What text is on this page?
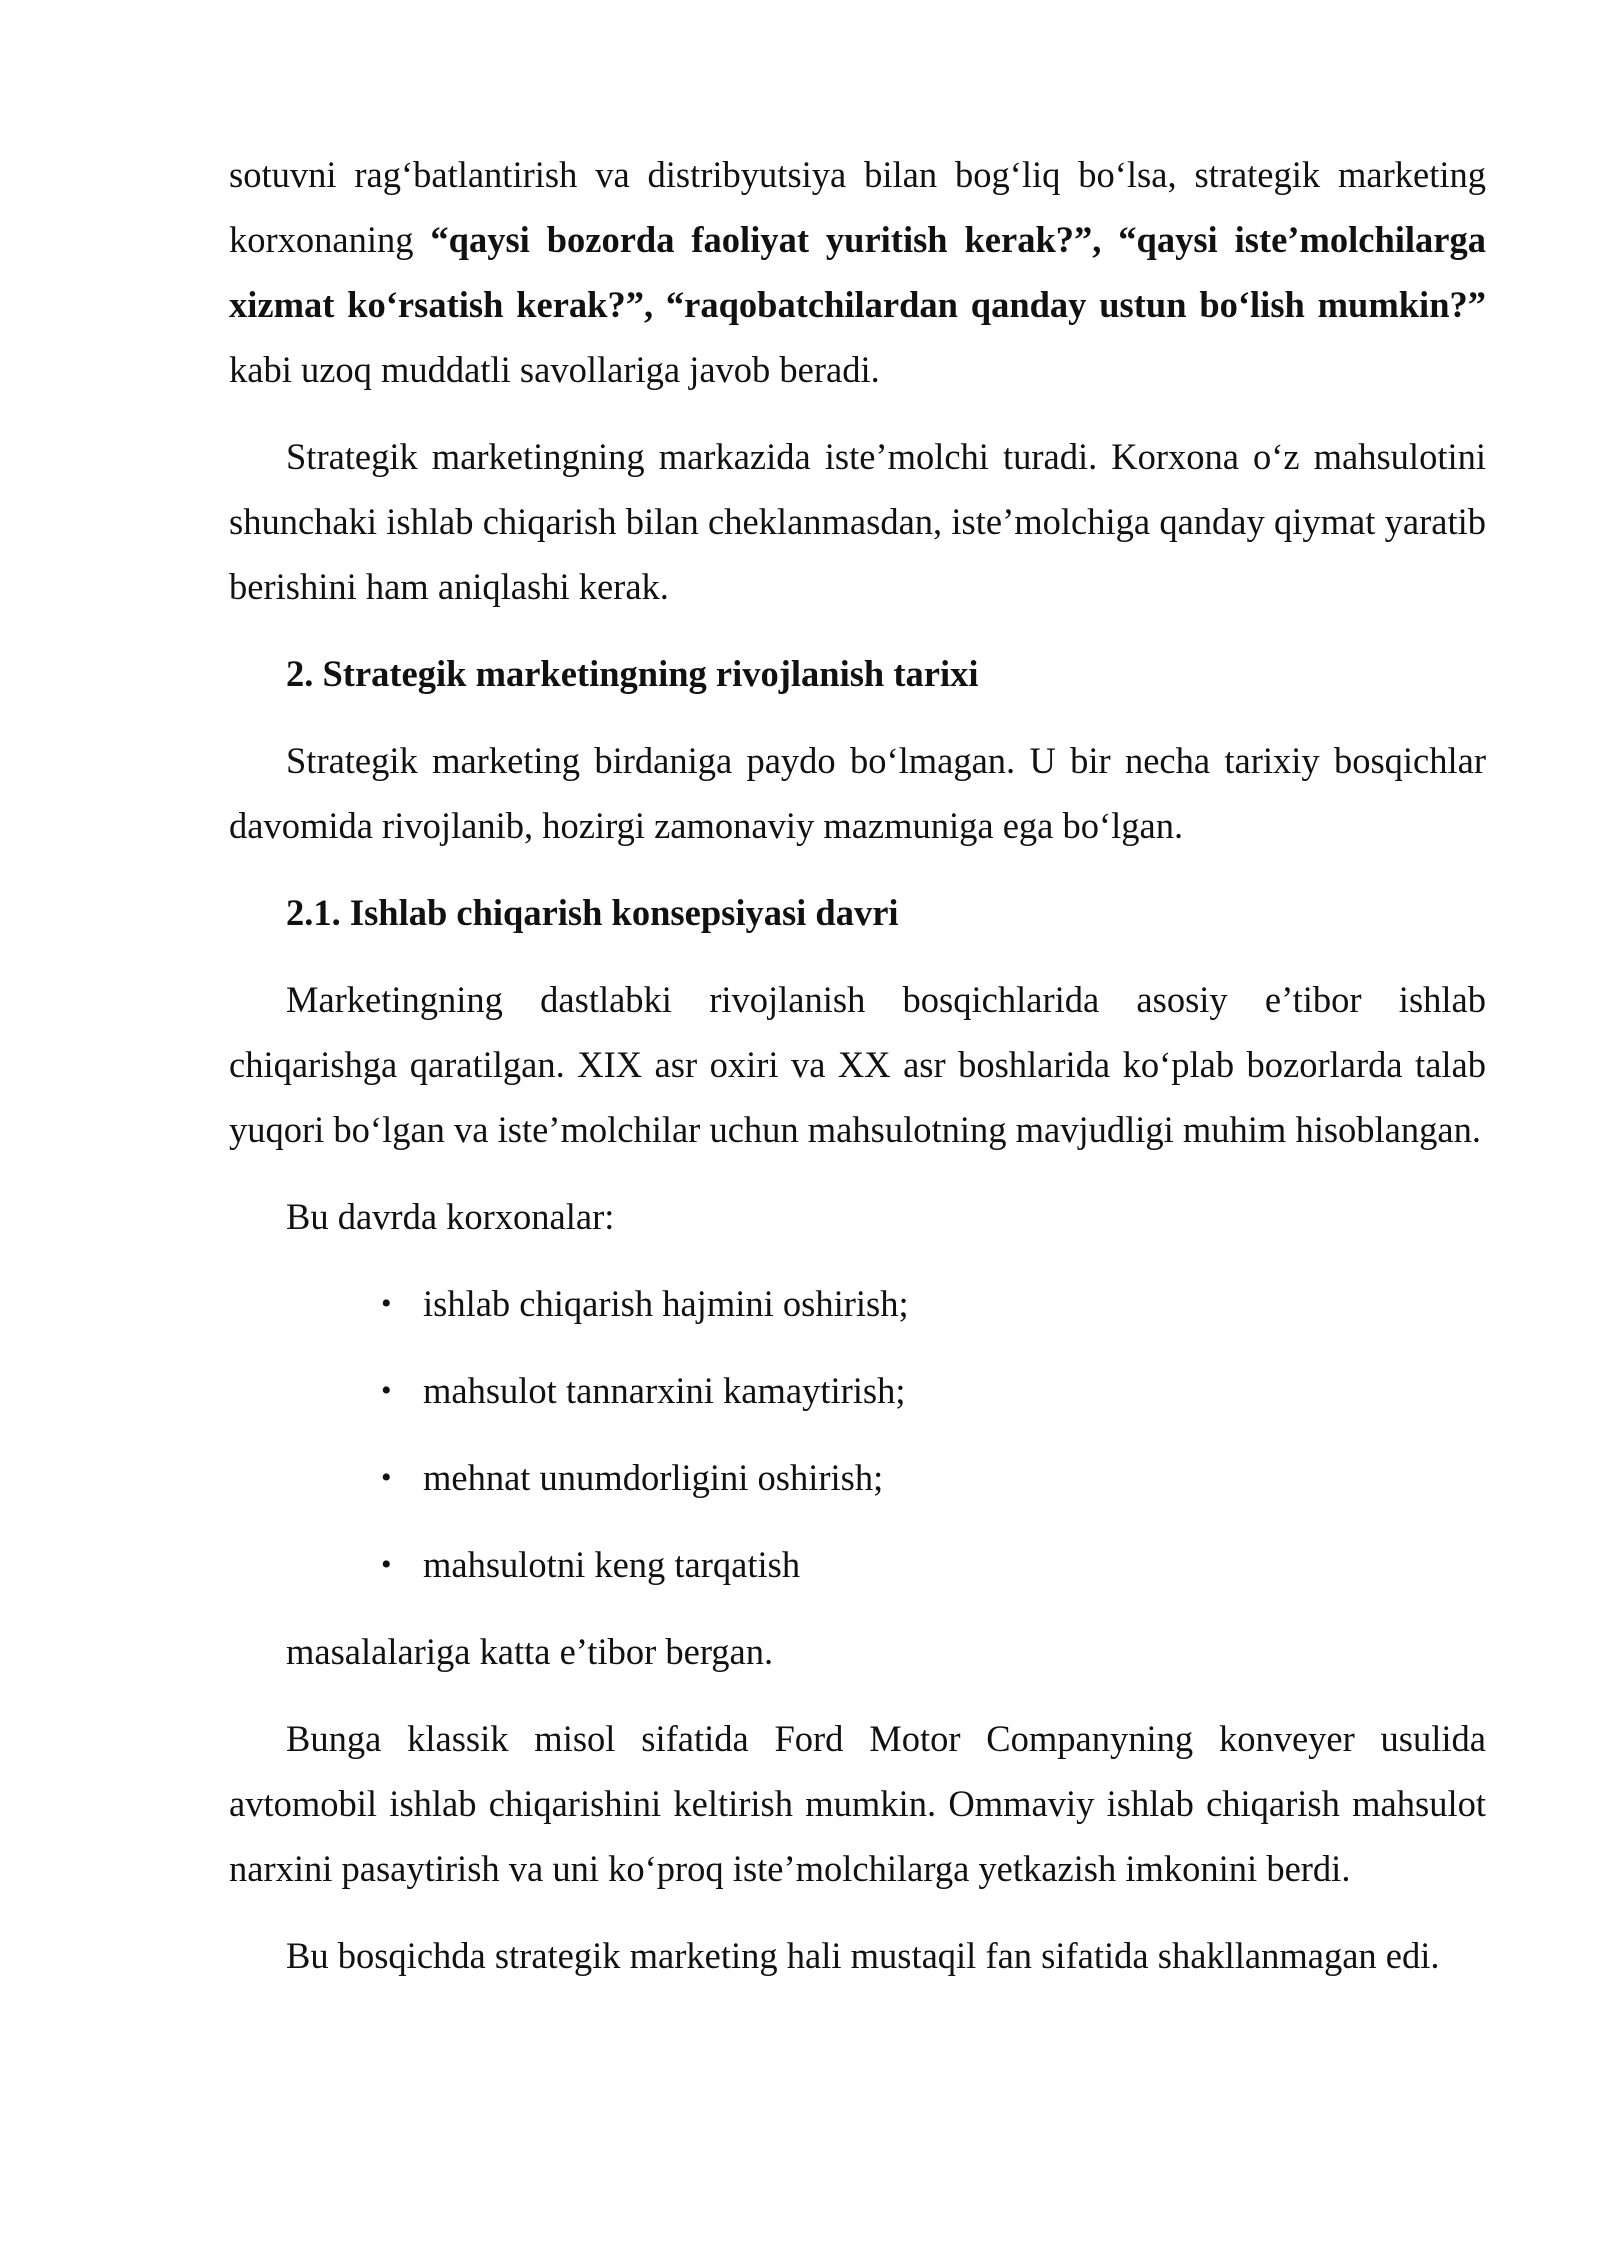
sotuvni rag‘batlantirish va distribyutsiya bilan bog‘liq bo‘lsa, strategik marketing korxonaning “qaysi bozorda faoliyat yuritish kerak?”, “qaysi iste’molchilarga xizmat ko‘rsatish kerak?”, “raqobatchilardan qanday ustun bo‘lish mumkin?” kabi uzoq muddatli savollariga javob beradi.

Strategik marketingning markazida iste’molchi turadi. Korxona o‘z mahsulotini shunchaki ishlab chiqarish bilan cheklanmasdan, iste’molchiga qanday qiymat yaratib berishini ham aniqlashi kerak.

2. Strategik marketingning rivojlanish tarixi

Strategik marketing birdaniga paydo bo‘lmagan. U bir necha tarixiy bosqichlar davomida rivojlanib, hozirgi zamonaviy mazmuniga ega bo‘lgan.

2.1. Ishlab chiqarish konsepsiyasi davri

Marketingning dastlabki rivojlanish bosqichlarida asosiy e’tibor ishlab chiqarishga qaratilgan. XIX asr oxiri va XX asr boshlarida ko‘plab bozorlarda talab yuqori bo‘lgan va iste’molchilar uchun mahsulotning mavjudligi muhim hisoblangan.

Bu davrda korxonalar:

• ishlab chiqarish hajmini oshirish;
• mahsulot tannarxini kamaytirish;
• mehnat unumdorligini oshirish;
• mahsulotni keng tarqatish

masalalariga katta e’tibor bergan.

Bunga klassik misol sifatida Ford Motor Companyning konveyer usulida avtomobil ishlab chiqarishini keltirish mumkin. Ommaviy ishlab chiqarish mahsulot narxini pasaytirish va uni ko‘proq iste’molchilarga yetkazish imkonini berdi.

Bu bosqichda strategik marketing hali mustaqil fan sifatida shakllanmagan edi.
